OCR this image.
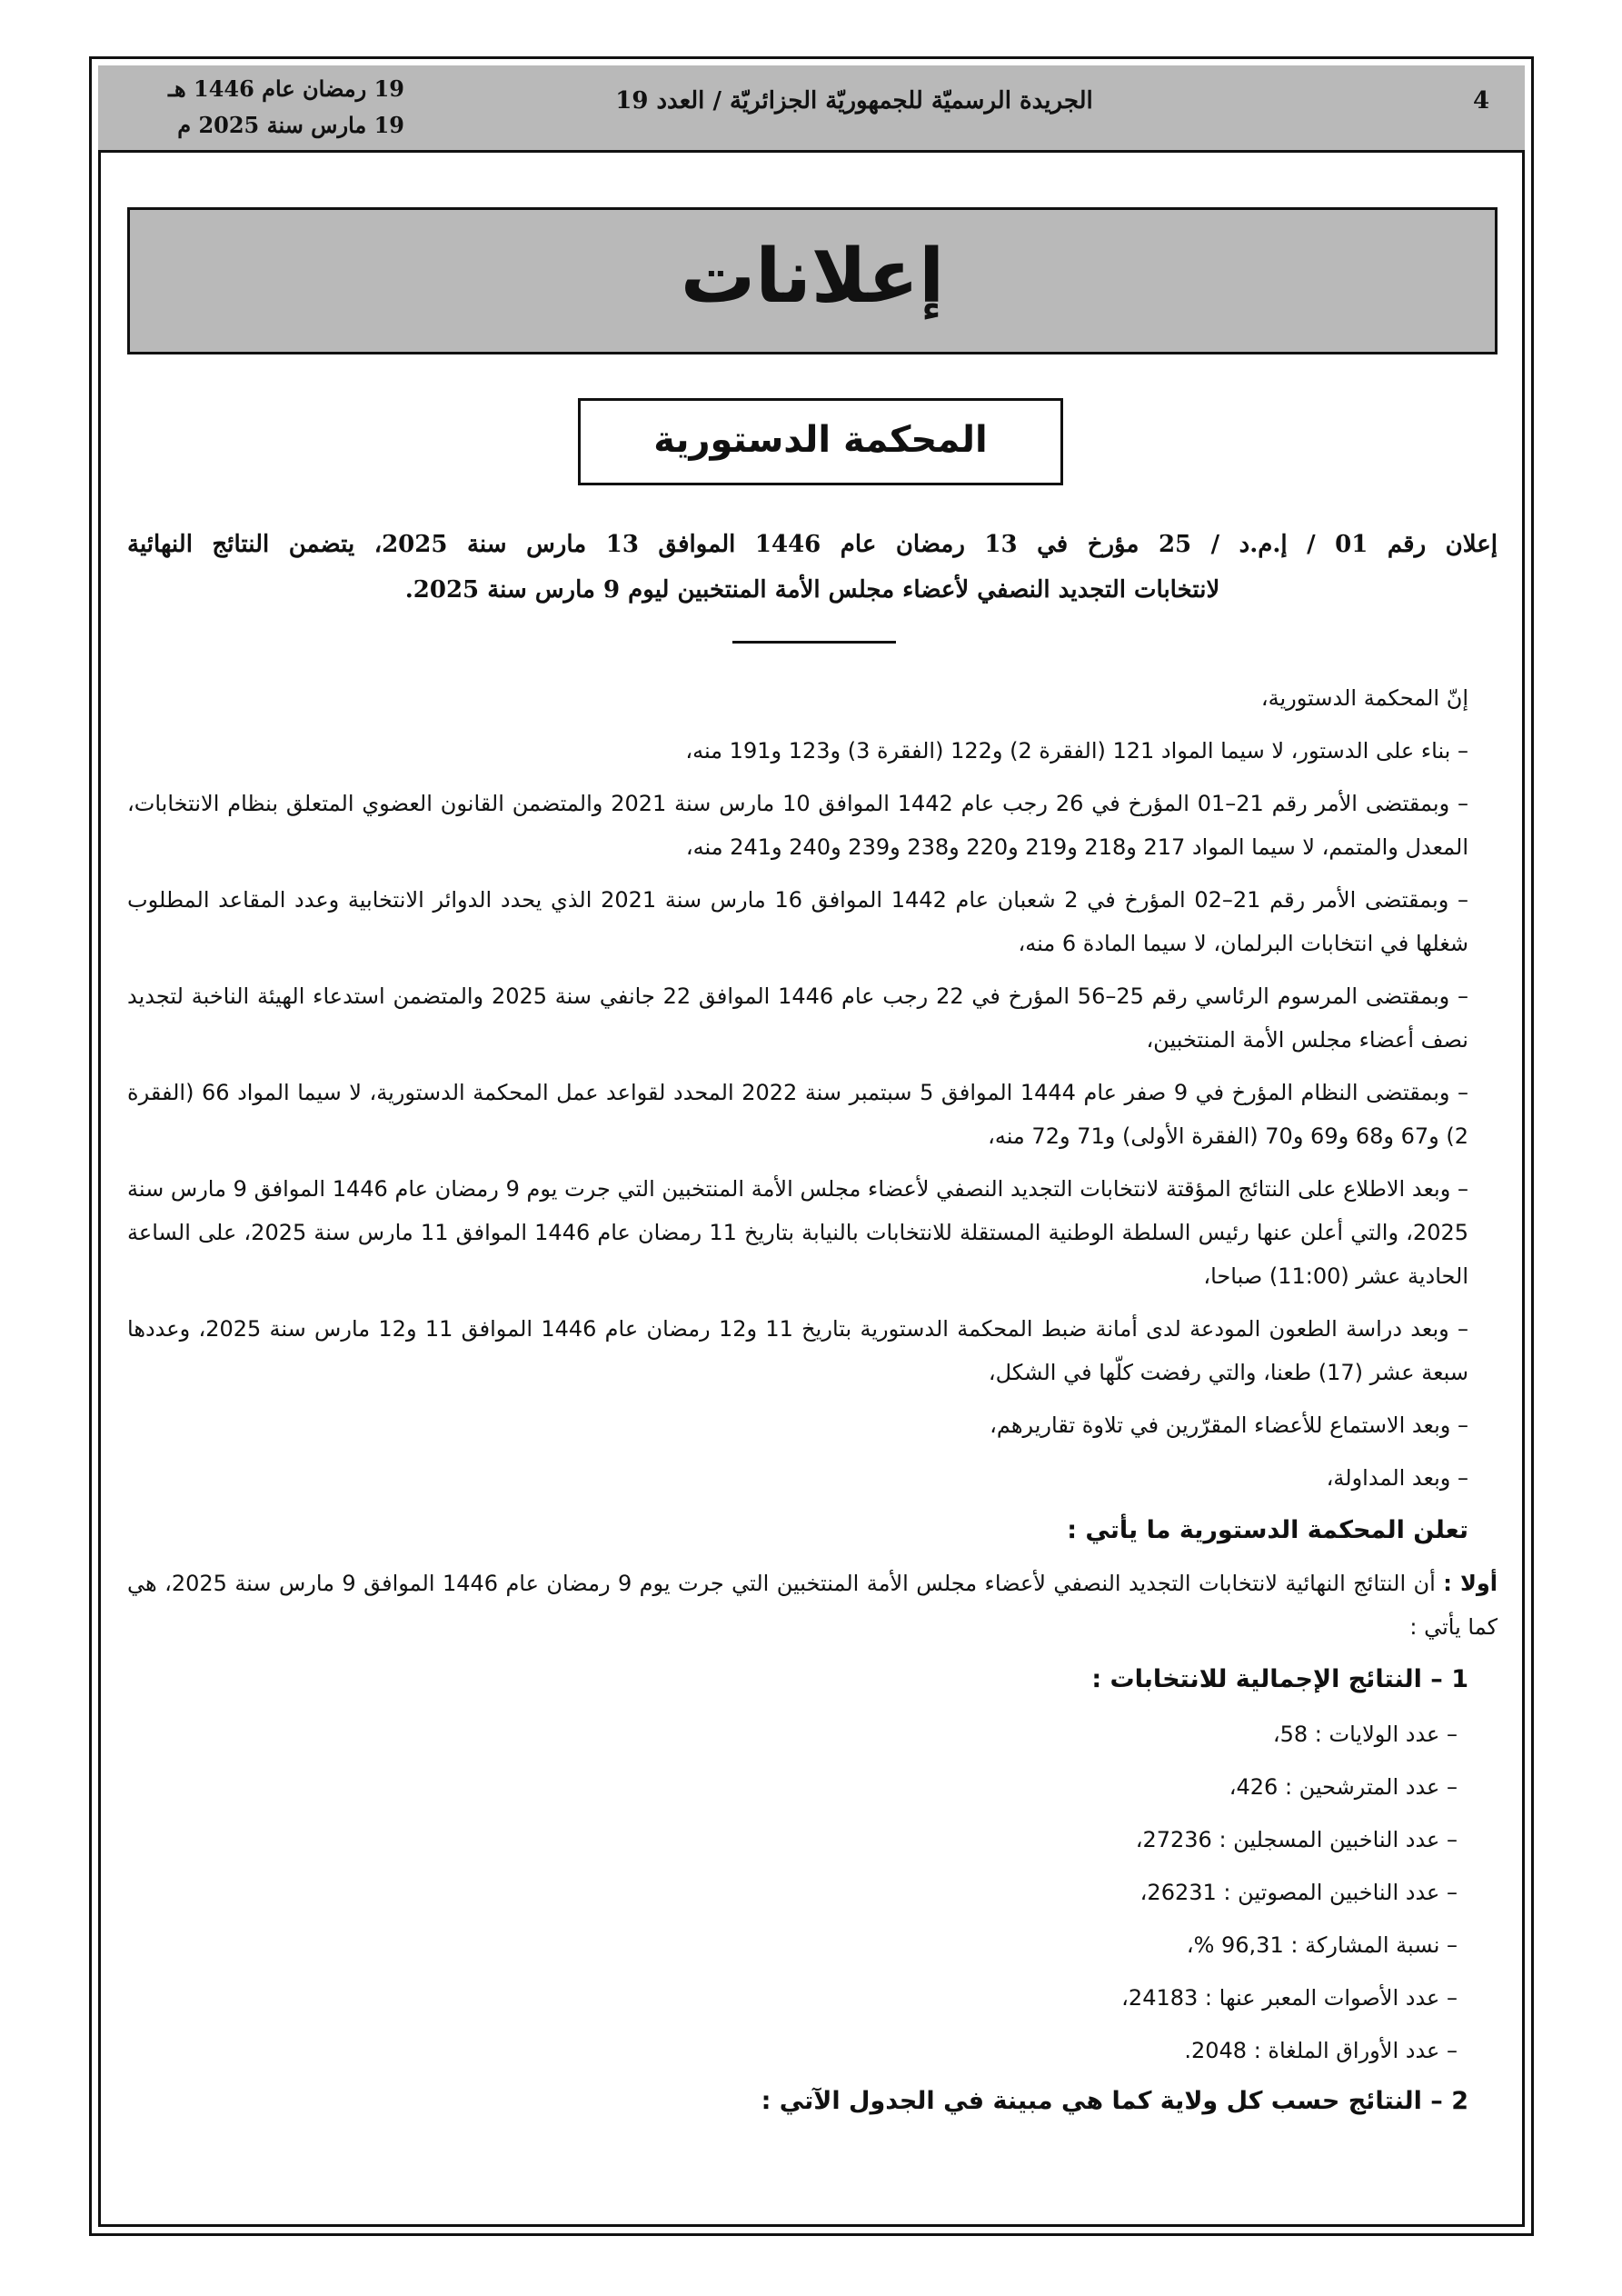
4
الجريدة الرسميّة للجمهوريّة الجزائريّة / العدد 19
19 رمضان عام 1446 هـ
19 مارس سنة 2025 م
إعلانات
المحكمة الدستورية
إعلان رقم 01 / إ.م.د / 25 مؤرخ في 13 رمضان عام 1446 الموافق 13 مارس سنة 2025، يتضمن النتائج النهائية
لانتخابات التجديد النصفي لأعضاء مجلس الأمة المنتخبين ليوم 9 مارس سنة 2025.

إنّ المحكمة الدستورية،

– بناء على الدستور، لا سيما المواد 121 (الفقرة 2) و122 (الفقرة 3) و123 و191 منه،

– وبمقتضى الأمر رقم 21–01 المؤرخ في 26 رجب عام 1442 الموافق 10 مارس سنة 2021 والمتضمن القانون العضوي المتعلق بنظام الانتخابات، المعدل والمتمم، لا سيما المواد 217 و218 و219 و220 و238 و239 و240 و241 منه،

– وبمقتضى الأمر رقم 21–02 المؤرخ في 2 شعبان عام 1442 الموافق 16 مارس سنة 2021 الذي يحدد الدوائر الانتخابية وعدد المقاعد المطلوب شغلها في انتخابات البرلمان، لا سيما المادة 6 منه،

– وبمقتضى المرسوم الرئاسي رقم 25–56 المؤرخ في 22 رجب عام 1446 الموافق 22 جانفي سنة 2025 والمتضمن استدعاء الهيئة الناخبة لتجديد نصف أعضاء مجلس الأمة المنتخبين،

– وبمقتضى النظام المؤرخ في 9 صفر عام 1444 الموافق 5 سبتمبر سنة 2022 المحدد لقواعد عمل المحكمة الدستورية، لا سيما المواد 66 (الفقرة 2) و67 و68 و69 و70 (الفقرة الأولى) و71 و72 منه،

– وبعد الاطلاع على النتائج المؤقتة لانتخابات التجديد النصفي لأعضاء مجلس الأمة المنتخبين التي جرت يوم 9 رمضان عام 1446 الموافق 9 مارس سنة 2025، والتي أعلن عنها رئيس السلطة الوطنية المستقلة للانتخابات بالنيابة بتاريخ 11 رمضان عام 1446 الموافق 11 مارس سنة 2025، على الساعة الحادية عشر (11:00) صباحا،

– وبعد دراسة الطعون المودعة لدى أمانة ضبط المحكمة الدستورية بتاريخ 11 و12 رمضان عام 1446 الموافق 11 و12 مارس سنة 2025، وعددها سبعة عشر (17) طعنا، والتي رفضت كلّها في الشكل،

– وبعد الاستماع للأعضاء المقرّرين في تلاوة تقاريرهم،

– وبعد المداولة،

تعلن المحكمة الدستورية ما يأتي :

أولا : أن النتائج النهائية لانتخابات التجديد النصفي لأعضاء مجلس الأمة المنتخبين التي جرت يوم 9 رمضان عام 1446 الموافق 9 مارس سنة 2025، هي كما يأتي :

1 – النتائج الإجمالية للانتخابات :

– عدد الولايات : 58،

– عدد المترشحين : 426،

– عدد الناخبين المسجلين : 27236،

– عدد الناخبين المصوتين : 26231،

– نسبة المشاركة : 96,31 %،

– عدد الأصوات المعبر عنها : 24183،

– عدد الأوراق الملغاة : 2048.

2 – النتائج حسب كل ولاية كما هي مبينة في الجدول الآتي :
